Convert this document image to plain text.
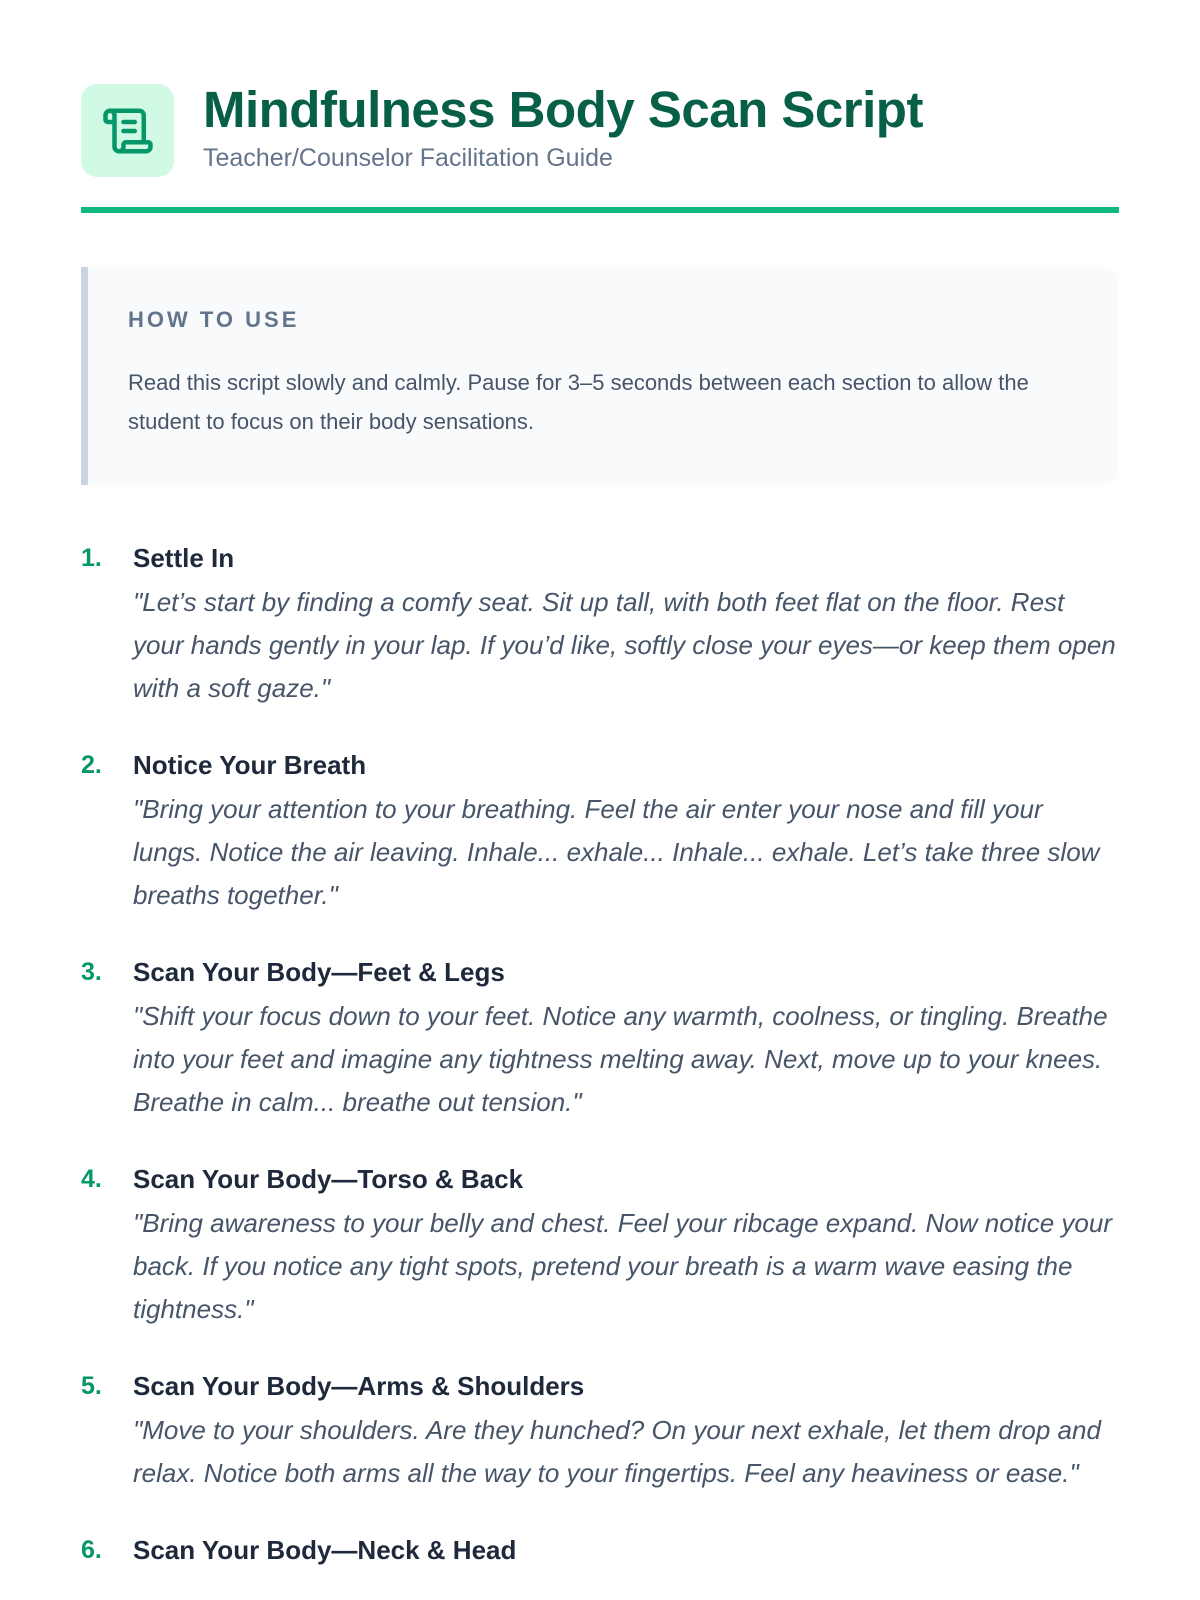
Mindfulness Body Scan Script
Teacher/Counselor Facilitation Guide
HOW TO USE
Read this script slowly and calmly. Pause for 3–5 seconds between each section to allow the student to focus on their body sensations.
1.	Settle In
"Let’s start by finding a comfy seat. Sit up tall, with both feet flat on the floor. Rest your hands gently in your lap. If you’d like, softly close your eyes—or keep them open with a soft gaze."
2.	Notice Your Breath
"Bring your attention to your breathing. Feel the air enter your nose and fill your lungs. Notice the air leaving. Inhale... exhale... Inhale... exhale. Let’s take three slow breaths together."
3.	Scan Your Body—Feet & Legs
"Shift your focus down to your feet. Notice any warmth, coolness, or tingling. Breathe into your feet and imagine any tightness melting away. Next, move up to your knees. Breathe in calm... breathe out tension."
4.	Scan Your Body—Torso & Back
"Bring awareness to your belly and chest. Feel your ribcage expand. Now notice your back. If you notice any tight spots, pretend your breath is a warm wave easing the tightness."
5.	Scan Your Body—Arms & Shoulders
"Move to your shoulders. Are they hunched? On your next exhale, let them drop and relax. Notice both arms all the way to your fingertips. Feel any heaviness or ease."
6.	Scan Your Body—Neck & Head
